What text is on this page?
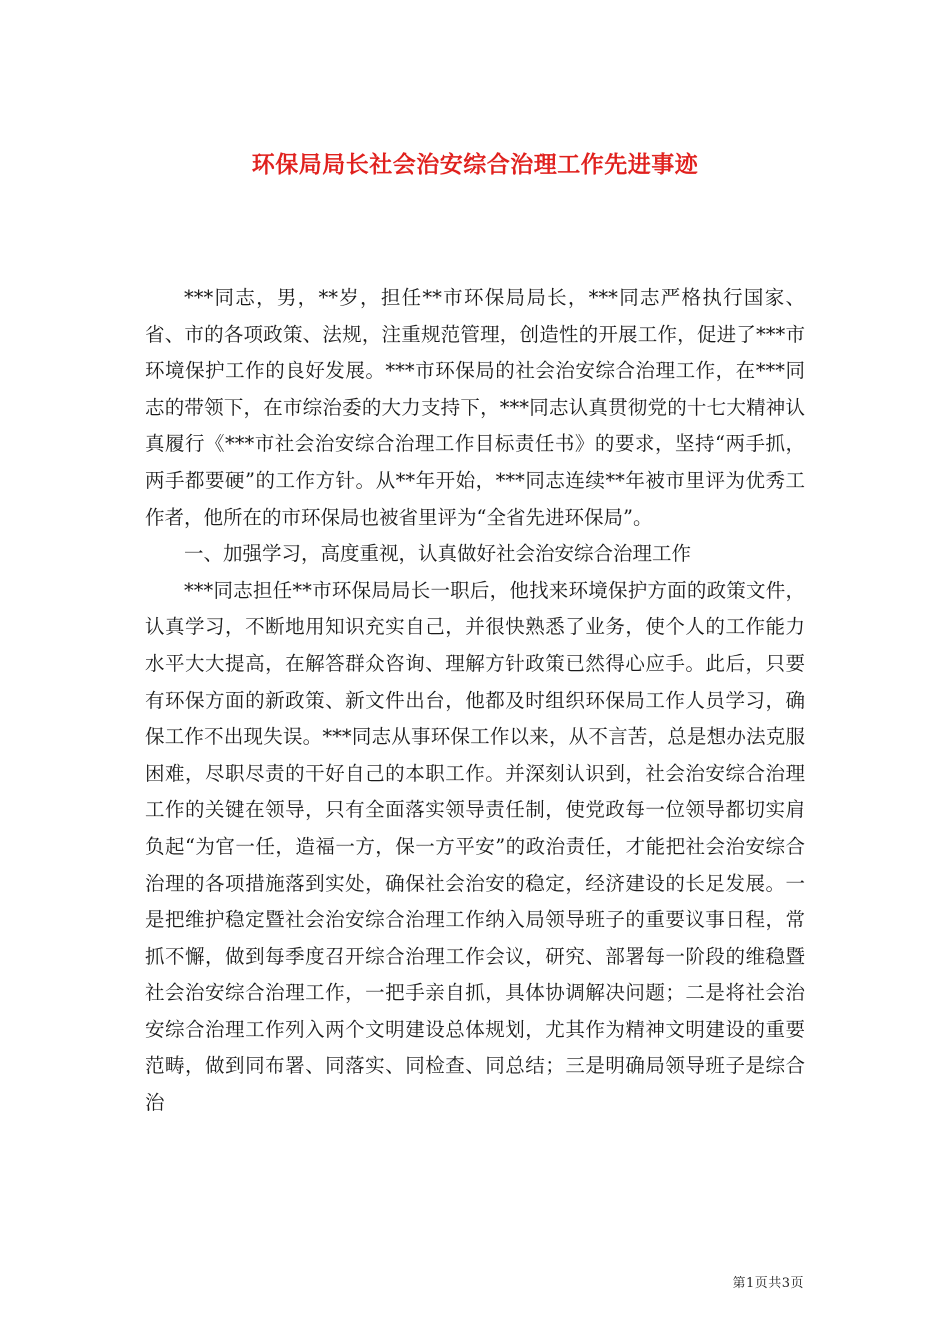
环保局局长社会治安综合治理工作先进事迹

***同志，男，**岁，担任**市环保局局长，***同志严格执行国家、省、市的各项政策、法规，注重规范管理，创造性的开展工作，促进了***市环境保护工作的良好发展。***市环保局的社会治安综合治理工作，在***同志的带领下，在市综治委的大力支持下，***同志认真贯彻党的十七大精神认真履行《***市社会治安综合治理工作目标责任书》的要求，坚持“两手抓，两手都要硬”的工作方针。从**年开始，***同志连续**年被市里评为优秀工作者，他所在的市环保局也被省里评为“全省先进环保局”。

一、加强学习，高度重视，认真做好社会治安综合治理工作

***同志担任**市环保局局长一职后，他找来环境保护方面的政策文件，认真学习，不断地用知识充实自己，并很快熟悉了业务，使个人的工作能力水平大大提高，在解答群众咨询、理解方针政策已然得心应手。此后，只要有环保方面的新政策、新文件出台，他都及时组织环保局工作人员学习，确保工作不出现失误。***同志从事环保工作以来，从不言苦，总是想办法克服困难，尽职尽责的干好自己的本职工作。并深刻认识到，社会治安综合治理工作的关键在领导，只有全面落实领导责任制，使党政每一位领导都切实肩负起“为官一任，造福一方，保一方平安”的政治责任，才能把社会治安综合治理的各项措施落到实处，确保社会治安的稳定，经济建设的长足发展。一是把维护稳定暨社会治安综合治理工作纳入局领导班子的重要议事日程，常抓不懈，做到每季度召开综合治理工作会议，研究、部署每一阶段的维稳暨社会治安综合治理工作，一把手亲自抓，具体协调解决问题；二是将社会治安综合治理工作列入两个文明建设总体规划，尤其作为精神文明建设的重要范畴，做到同布署、同落实、同检查、同总结；三是明确局领导班子是综合治

第1页共3页
